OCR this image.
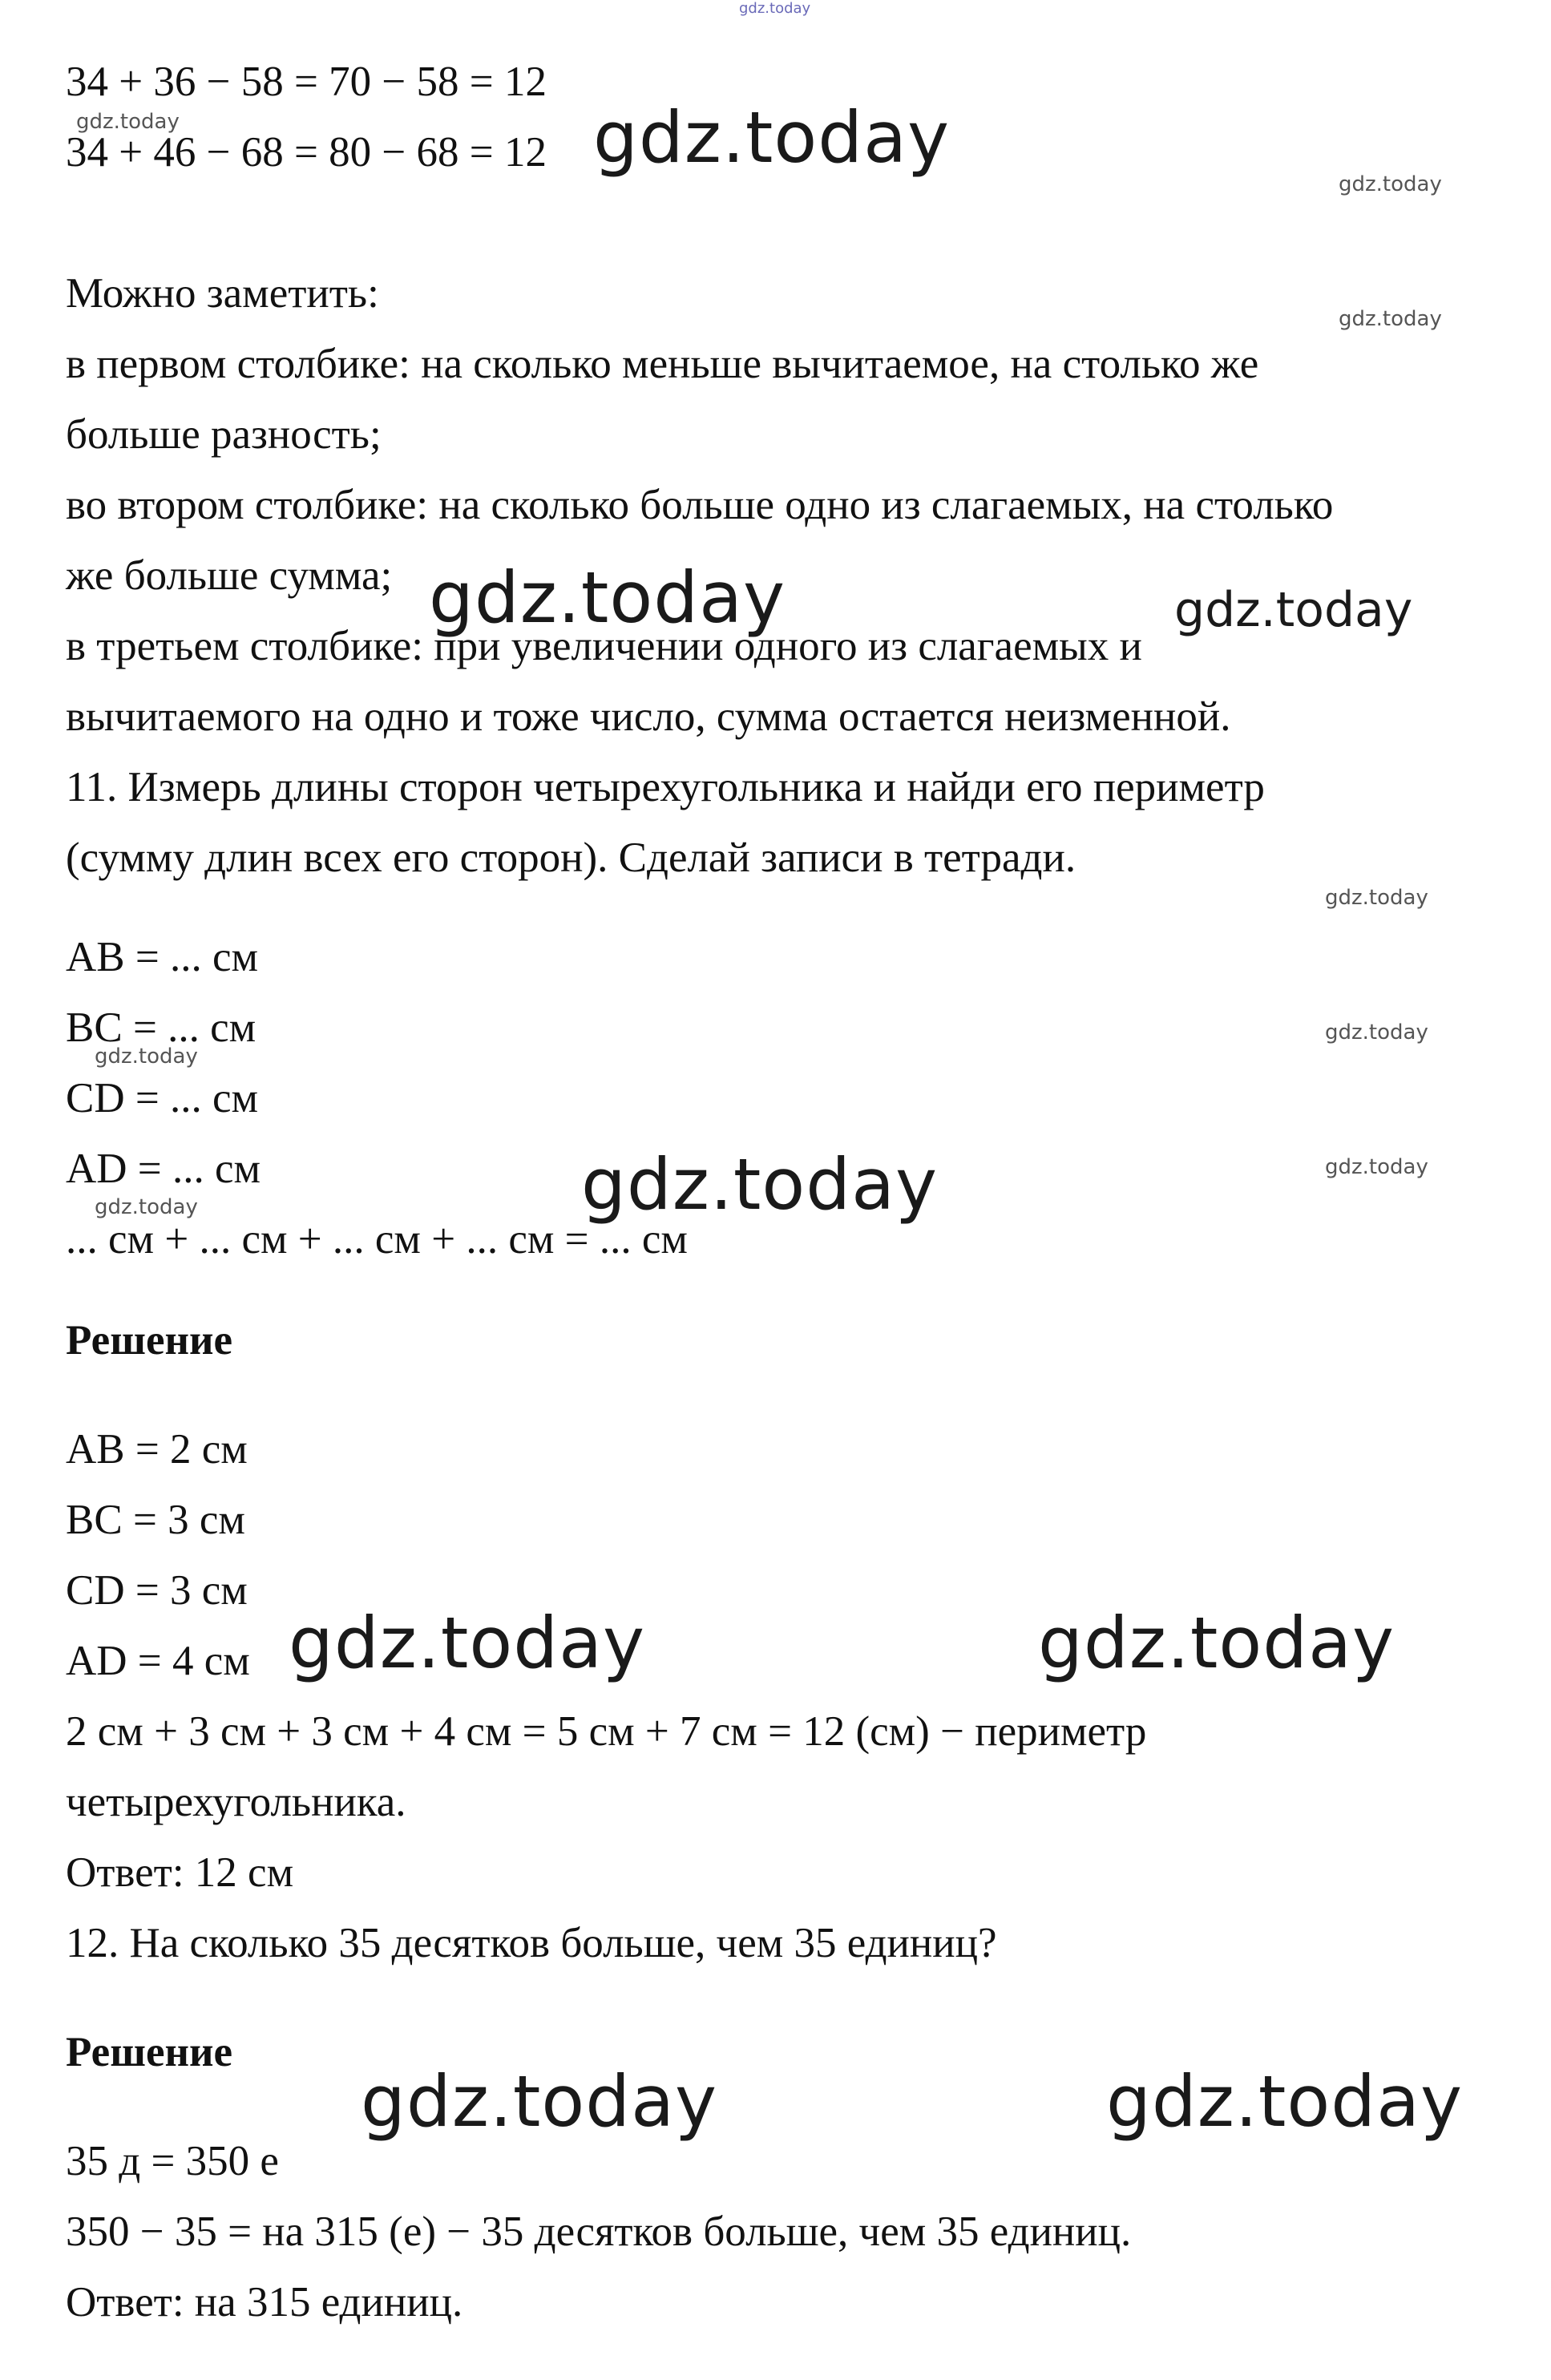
gdz.today
34 + 36 − 58 = 70 − 58 = 12
34 + 46 − 68 = 80 − 68 = 12
Можно заметить:
в первом столбике: на сколько меньше вычитаемое, на столько же
больше разность;
во втором столбике: на сколько больше одно из слагаемых, на столько
же больше сумма;
в третьем столбике: при увеличении одного из слагаемых и
вычитаемого на одно и тоже число, сумма остается неизменной.
11. Измерь длины сторон четырехугольника и найди его периметр
(сумму длин всех его сторон). Сделай записи в тетради.
AB = ... см
BC = ... см
CD = ... см
AD = ... см
... см + ... см + ... см + ... см = ... см
Решение
AB = 2 см
BC = 3 см
CD = 3 см
AD = 4 см
2 см + 3 см + 3 см + 4 см = 5 см + 7 см = 12 (см) − периметр
четырехугольника.
Ответ: 12 см
12. На сколько 35 десятков больше, чем 35 единиц?
Решение
35 д = 350 е
350 − 35 = на 315 (е) − 35 десятков больше, чем 35 единиц.
Ответ: на 315 единиц.
gdz.today
gdz.today	gdz.today
gdz.today
gdz.today	gdz.today
gdz.today	gdz.today
gdz.today
gdz.today
gdz.today
gdz.today
gdz.today
gdz.today
gdz.today
gdz.today
